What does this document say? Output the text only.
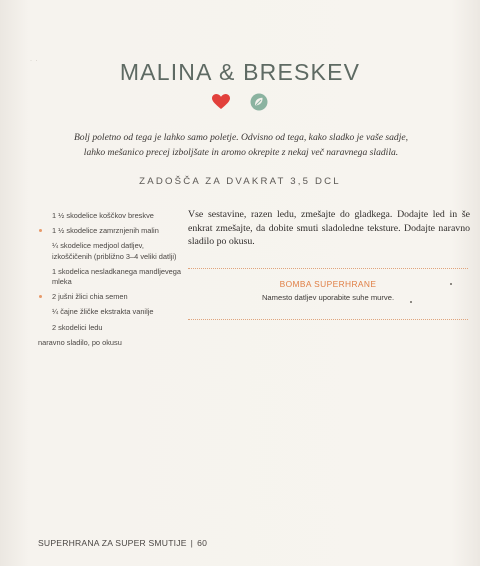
· ·	MALINA & BRESKEV
Bolj poletno od tega je lahko samo poletje. Odvisno od tega, kako sladko je vaše sadje,
lahko mešanico precej izboljšate in aromo okrepite z nekaj več naravnega sladila.
ZADOŠČA ZA DVAKRAT 3,5 DCL
1 ½ skodelice koščkov breskve
1 ½ skodelice zamrznjenih malin
¼ skodelice medjool datljev, izkoščičenih (približno 3–4 veliki datlji)
1 skodelica nesladkanega mandljevega mleka
2 jušni žlici chia semen
¼ čajne žličke ekstrakta vanilje
2 skodelici ledu
naravno sladilo, po okusu

Vse sestavine, razen ledu, zmešajte do gladkega. Dodajte led in še enkrat zmešajte, da dobite smuti sladoledne teksture. Dodajte naravno sladilo po okusu.

BOMBA SUPERHRANE
Namesto datljev uporabite suhe murve.
SUPERHRANA ZA SUPER SMUTIJE | 60
